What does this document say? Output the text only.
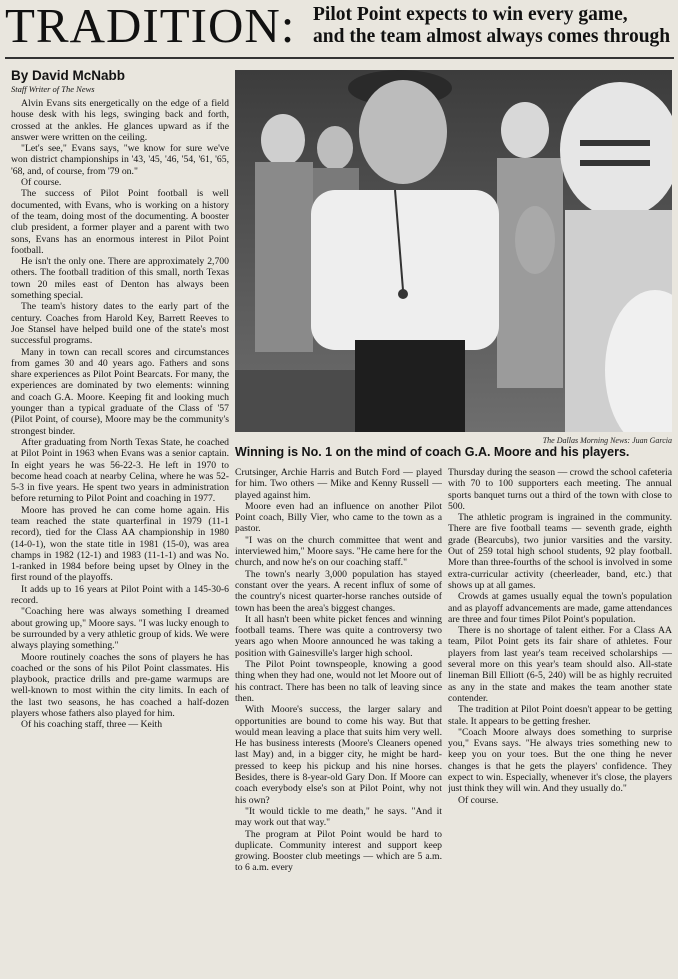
TRADITION: Pilot Point expects to win every game,
and the team almost always comes through
By David McNabb
Staff Writer of The News
The Dallas Morning News: Juan Garcia
Winning is No. 1 on the mind of coach G.A. Moore and his players.

Alvin Evans sits energetically on the edge of a field house desk with his legs, swinging back and forth, crossed at the ankles. He glances upward as if the answer were written on the ceiling.

"Let's see," Evans says, "we know for sure we've won district championships in '43, '45, '46, '54, '61, '65, '68, and, of course, from '79 on."

Of course.

The success of Pilot Point football is well documented, with Evans, who is working on a history of the team, doing most of the documenting. A booster club president, a former player and a parent with two sons, Evans has an enormous interest in Pilot Point football.

He isn't the only one. There are approximately 2,700 others. The football tradition of this small, north Texas town 20 miles east of Denton has always been something special.

The team's history dates to the early part of the century. Coaches from Harold Key, Barrett Reeves to Joe Stansel have helped build one of the state's most successful programs.

Many in town can recall scores and circumstances from games 30 and 40 years ago. Fathers and sons share experiences as Pilot Point Bearcats. For many, the experiences are dominated by two elements: winning and coach G.A. Moore. Keeping fit and looking much younger than a typical graduate of the Class of '57 (Pilot Point, of course), Moore may be the community's strongest binder.

After graduating from North Texas State, he coached at Pilot Point in 1963 when Evans was a senior captain. In eight years he was 56-22-3. He left in 1970 to become head coach at nearby Celina, where he was 52-5-3 in five years. He spent two years in administration before returning to Pilot Point and coaching in 1977.

Moore has proved he can come home again. His team reached the state quarterfinal in 1979 (11-1 record), tied for the Class AA championship in 1980 (14-0-1), won the state title in 1981 (15-0), was area champs in 1982 (12-1) and 1983 (11-1-1) and was No. 1-ranked in 1984 before being upset by Olney in the first round of the playoffs.

It adds up to 16 years at Pilot Point with a 145-30-6 record.

"Coaching here was always something I dreamed about growing up," Moore says. "I was lucky enough to be surrounded by a very athletic group of kids. We were always playing something."

Moore routinely coaches the sons of players he has coached or the sons of his Pilot Point classmates. His playbook, practice drills and pre-game warmups are well-known to most within the city limits. In each of the last two seasons, he has coached a half-dozen players whose fathers also played for him.

Of his coaching staff, three — Keith

Crutsinger, Archie Harris and Butch Ford — played for him. Two others — Mike and Kenny Russell — played against him.

Moore even had an influence on another Pilot Point coach, Billy Vier, who came to the town as a pastor.

"I was on the church committee that went and interviewed him," Moore says. "He came here for the church, and now he's on our coaching staff."

The town's nearly 3,000 population has stayed constant over the years. A recent influx of some of the country's nicest quarter-horse ranches outside of town has been the area's biggest changes.

It all hasn't been white picket fences and winning football teams. There was quite a controversy two years ago when Moore announced he was taking a position with Gainesville's larger high school.

The Pilot Point townspeople, knowing a good thing when they had one, would not let Moore out of his contract. There has been no talk of leaving since then.

With Moore's success, the larger salary and opportunities are bound to come his way. But that would mean leaving a place that suits him very well. He has business interests (Moore's Cleaners opened last May) and, in a bigger city, he might be hard-pressed to keep his pickup and his nine horses. Besides, there is 8-year-old Gary Don. If Moore can coach everybody else's son at Pilot Point, why not his own?

"It would tickle to me death," he says. "And it may work out that way."

The program at Pilot Point would be hard to duplicate. Community interest and support keep growing. Booster club meetings — which are 5 a.m. to 6 a.m. every

Thursday during the season — crowd the school cafeteria with 70 to 100 supporters each meeting. The annual sports banquet turns out a third of the town with close to 500.

The athletic program is ingrained in the community. There are five football teams — seventh grade, eighth grade (Bearcubs), two junior varsities and the varsity. Out of 259 total high school students, 92 play football. More than three-fourths of the school is involved in some extra-curricular activity (cheerleader, band, etc.) that shows up at all games.

Crowds at games usually equal the town's population and as playoff advancements are made, game attendances are three and four times Pilot Point's population.

There is no shortage of talent either. For a Class AA team, Pilot Point gets its fair share of athletes. Four players from last year's team received scholarships — several more on this year's team should also. All-state lineman Bill Elliott (6-5, 240) will be as highly recruited as any in the state and makes the team another state contender.

The tradition at Pilot Point doesn't appear to be getting stale. It appears to be getting fresher.

"Coach Moore always does something to surprise you," Evans says. "He always tries something new to keep you on your toes. But the one thing he never changes is that he gets the players' confidence. They expect to win. Especially, whenever it's close, the players just think they will win. And they usually do."

Of course.
